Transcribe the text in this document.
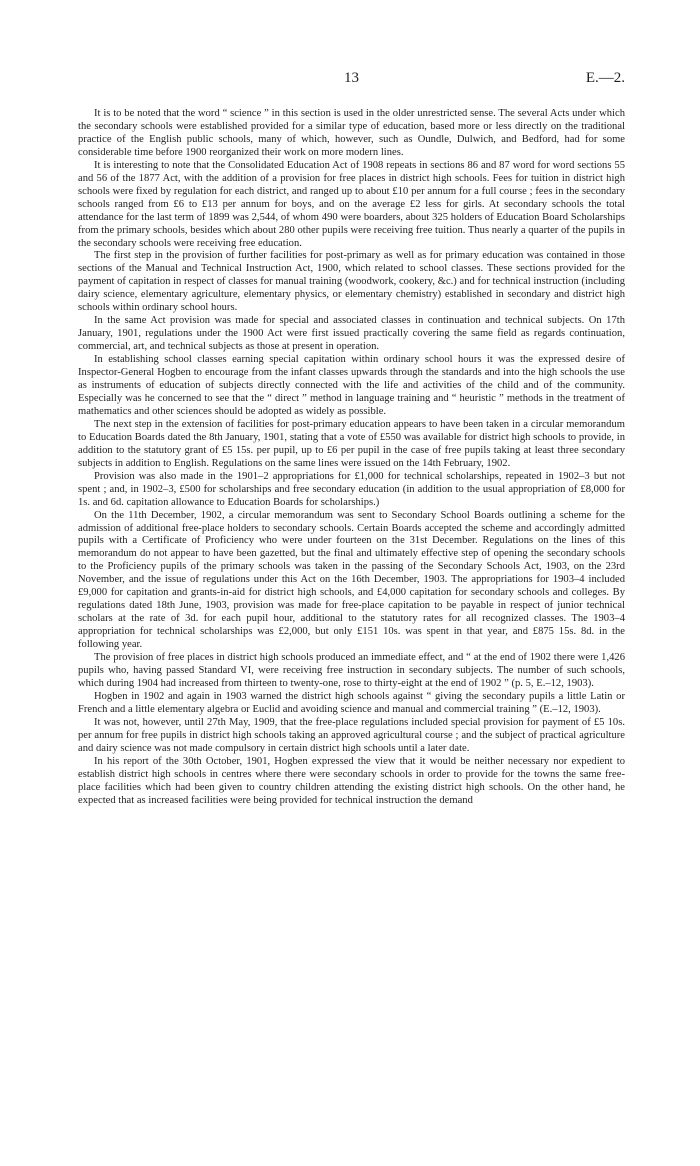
13	E.—2.

It is to be noted that the word “ science ” in this section is used in the older unrestricted sense. The several Acts under which the secondary schools were established provided for a similar type of education, based more or less directly on the traditional practice of the English public schools, many of which, however, such as Oundle, Dulwich, and Bedford, had for some considerable time before 1900 reorganized their work on more modern lines.

It is interesting to note that the Consolidated Education Act of 1908 repeats in sections 86 and 87 word for word sections 55 and 56 of the 1877 Act, with the addition of a provision for free places in district high schools. Fees for tuition in district high schools were fixed by regulation for each district, and ranged up to about £10 per annum for a full course ; fees in the secondary schools ranged from £6 to £13 per annum for boys, and on the average £2 less for girls. At secondary schools the total attendance for the last term of 1899 was 2,544, of whom 490 were boarders, about 325 holders of Education Board Scholarships from the primary schools, besides which about 280 other pupils were receiving free tuition. Thus nearly a quarter of the pupils in the secondary schools were receiving free education.

The first step in the provision of further facilities for post-primary as well as for primary education was contained in those sections of the Manual and Technical Instruction Act, 1900, which related to school classes. These sections provided for the payment of capitation in respect of classes for manual training (woodwork, cookery, &c.) and for technical instruction (including dairy science, elementary agriculture, elementary physics, or elementary chemistry) established in secondary and district high schools within ordinary school hours.

In the same Act provision was made for special and associated classes in continuation and technical subjects. On 17th January, 1901, regulations under the 1900 Act were first issued practically covering the same field as regards continuation, commercial, art, and technical subjects as those at present in operation.

In establishing school classes earning special capitation within ordinary school hours it was the expressed desire of Inspector-General Hogben to encourage from the infant classes upwards through the standards and into the high schools the use as instruments of education of subjects directly connected with the life and activities of the child and of the community. Especially was he concerned to see that the “ direct ” method in language training and “ heuristic ” methods in the treatment of mathematics and other sciences should be adopted as widely as possible.

The next step in the extension of facilities for post-primary education appears to have been taken in a circular memorandum to Education Boards dated the 8th January, 1901, stating that a vote of £550 was available for district high schools to provide, in addition to the statutory grant of £5 15s. per pupil, up to £6 per pupil in the case of free pupils taking at least three secondary subjects in addition to English. Regulations on the same lines were issued on the 14th February, 1902.

Provision was also made in the 1901–2 appropriations for £1,000 for technical scholarships, repeated in 1902–3 but not spent ; and, in 1902–3, £500 for scholarships and free secondary education (in addition to the usual appropriation of £8,000 for 1s. and 6d. capitation allowance to Education Boards for scholarships.)

On the 11th December, 1902, a circular memorandum was sent to Secondary School Boards outlining a scheme for the admission of additional free-place holders to secondary schools. Certain Boards accepted the scheme and accordingly admitted pupils with a Certificate of Proficiency who were under fourteen on the 31st December. Regulations on the lines of this memorandum do not appear to have been gazetted, but the final and ultimately effective step of opening the secondary schools to the Proficiency pupils of the primary schools was taken in the passing of the Secondary Schools Act, 1903, on the 23rd November, and the issue of regulations under this Act on the 16th December, 1903. The appropriations for 1903–4 included £9,000 for capitation and grants-in-aid for district high schools, and £4,000 capitation for secondary schools and colleges. By regulations dated 18th June, 1903, provision was made for free-place capitation to be payable in respect of junior technical scholars at the rate of 3d. for each pupil hour, additional to the statutory rates for all recognized classes. The 1903–4 appropriation for technical scholarships was £2,000, but only £151 10s. was spent in that year, and £875 15s. 8d. in the following year.

The provision of free places in district high schools produced an immediate effect, and “ at the end of 1902 there were 1,426 pupils who, having passed Standard VI, were receiving free instruction in secondary subjects. The number of such schools, which during 1904 had increased from thirteen to twenty-one, rose to thirty-eight at the end of 1902 ” (p. 5, E.–12, 1903).

Hogben in 1902 and again in 1903 warned the district high schools against “ giving the secondary pupils a little Latin or French and a little elementary algebra or Euclid and avoiding science and manual and commercial training ” (E.–12, 1903).

It was not, however, until 27th May, 1909, that the free-place regulations included special provision for payment of £5 10s. per annum for free pupils in district high schools taking an approved agricultural course ; and the subject of practical agriculture and dairy science was not made compulsory in certain district high schools until a later date.

In his report of the 30th October, 1901, Hogben expressed the view that it would be neither necessary nor expedient to establish district high schools in centres where there were secondary schools in order to provide for the towns the same free-place facilities which had been given to country children attending the existing district high schools. On the other hand, he expected that as increased facilities were being provided for technical instruction the demand
